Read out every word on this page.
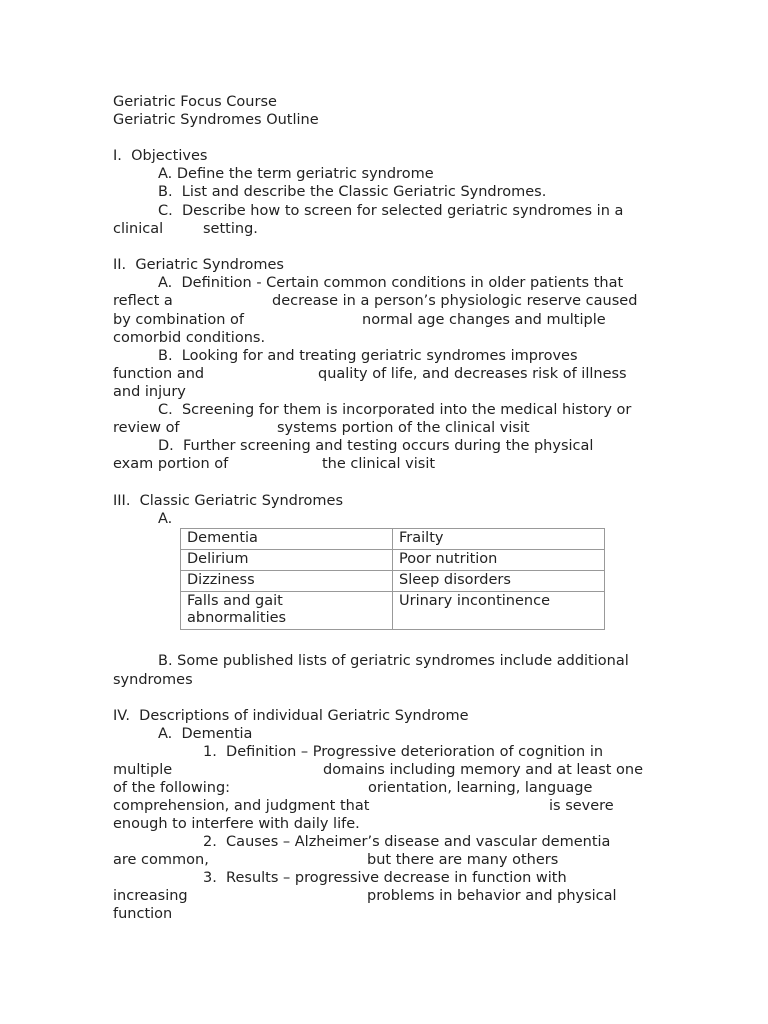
Geriatric Focus Course
Geriatric Syndromes Outline
I.  Objectives
A. Define the term geriatric syndrome
B.  List and describe the Classic Geriatric Syndromes.
C.  Describe how to screen for selected geriatric syndromes in a
clinical	setting.
II.  Geriatric Syndromes
A.  Definition - Certain common conditions in older patients that
reflect a	decrease in a person’s physiologic reserve caused
by combination of	normal age changes and multiple
comorbid conditions.
B.  Looking for and treating geriatric syndromes improves
function and	quality of life, and decreases risk of illness
and injury
C.  Screening for them is incorporated into the medical history or
review of	systems portion of the clinical visit
D.  Further screening and testing occurs during the physical
exam portion of	the clinical visit
III.  Classic Geriatric Syndromes
A.
Dementia	Frailty
Delirium	Poor nutrition
Dizziness	Sleep disorders
Falls and gait abnormalities	Urinary incontinence
B. Some published lists of geriatric syndromes include additional
syndromes
IV.  Descriptions of individual Geriatric Syndrome
A.  Dementia
1.  Definition – Progressive deterioration of cognition in
multiple	domains including memory and at least one
of the following:	orientation, learning, language
comprehension, and judgment that	is severe
enough to interfere with daily life.
2.  Causes – Alzheimer’s disease and vascular dementia
are common,	but there are many others
3.  Results – progressive decrease in function with
increasing	problems in behavior and physical
function
